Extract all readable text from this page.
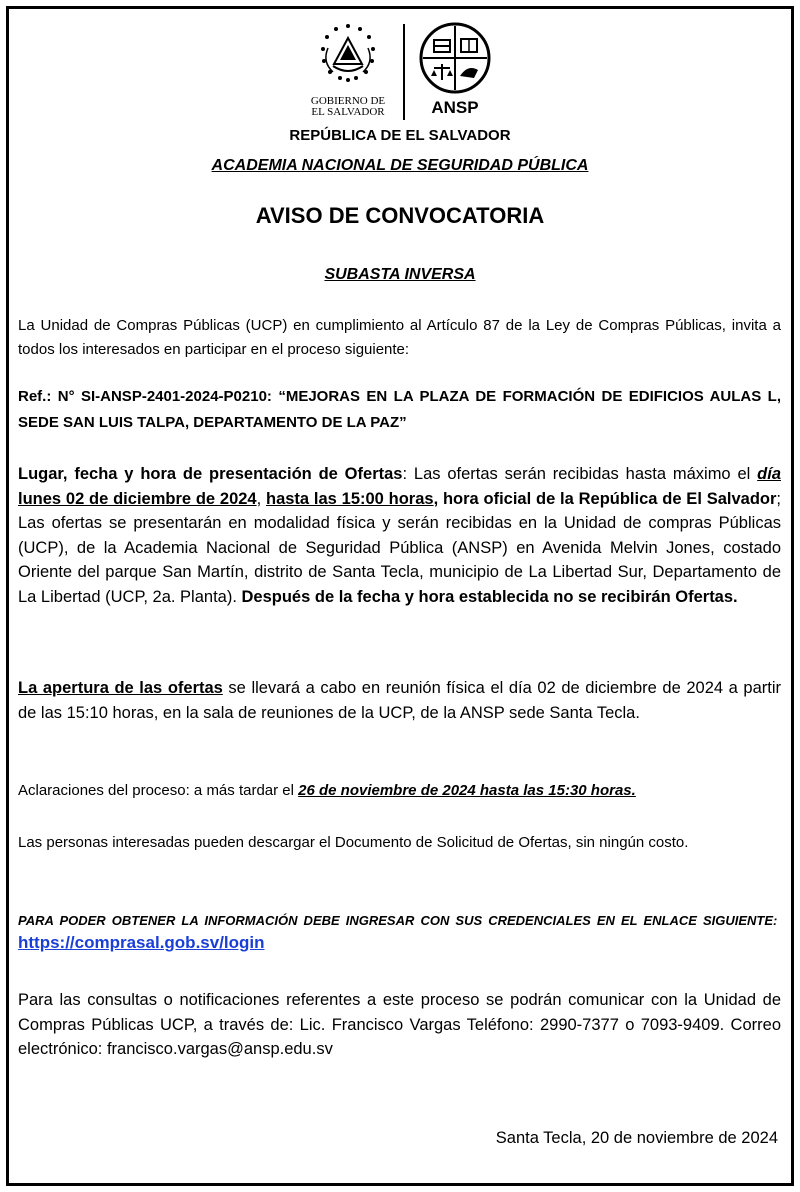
GOBIERNO DE
EL SALVADOR	ANSP
REPÚBLICA DE EL SALVADOR
ACADEMIA NACIONAL DE SEGURIDAD PÚBLICA
AVISO DE CONVOCATORIA
SUBASTA INVERSA
La Unidad de Compras Públicas (UCP) en cumplimiento al Artículo 87 de la Ley de Compras Públicas, invita a todos los interesados en participar en el proceso siguiente:
Ref.: N° SI-ANSP-2401-2024-P0210: “MEJORAS EN LA PLAZA DE FORMACIÓN DE EDIFICIOS AULAS L, SEDE SAN LUIS TALPA, DEPARTAMENTO DE LA PAZ”
Lugar, fecha y hora de presentación de Ofertas: Las ofertas serán recibidas hasta máximo el día lunes 02 de diciembre de 2024, hasta las 15:00 horas, hora oficial de la República de El Salvador; Las ofertas se presentarán en modalidad física y serán recibidas en la Unidad de compras Públicas (UCP), de la Academia Nacional de Seguridad Pública (ANSP) en Avenida Melvin Jones, costado Oriente del parque San Martín, distrito de Santa Tecla, municipio de La Libertad Sur, Departamento de La Libertad (UCP, 2a. Planta). Después de la fecha y hora establecida no se recibirán Ofertas.
La apertura de las ofertas se llevará a cabo en reunión física el día 02 de diciembre de 2024 a partir de las 15:10 horas, en la sala de reuniones de la UCP, de la ANSP sede Santa Tecla.
Aclaraciones del proceso: a más tardar el 26 de noviembre de 2024 hasta las 15:30 horas.
Las personas interesadas pueden descargar el Documento de Solicitud de Ofertas, sin ningún costo.
PARA PODER OBTENER LA INFORMACIÓN DEBE INGRESAR CON SUS CREDENCIALES EN EL ENLACE SIGUIENTE:  https://comprasal.gob.sv/login
Para las consultas o notificaciones referentes a este proceso se podrán comunicar con la Unidad de Compras Públicas UCP, a través de: Lic. Francisco Vargas Teléfono: 2990-7377 o 7093-9409. Correo electrónico: francisco.vargas@ansp.edu.sv
Santa Tecla, 20 de noviembre de 2024
